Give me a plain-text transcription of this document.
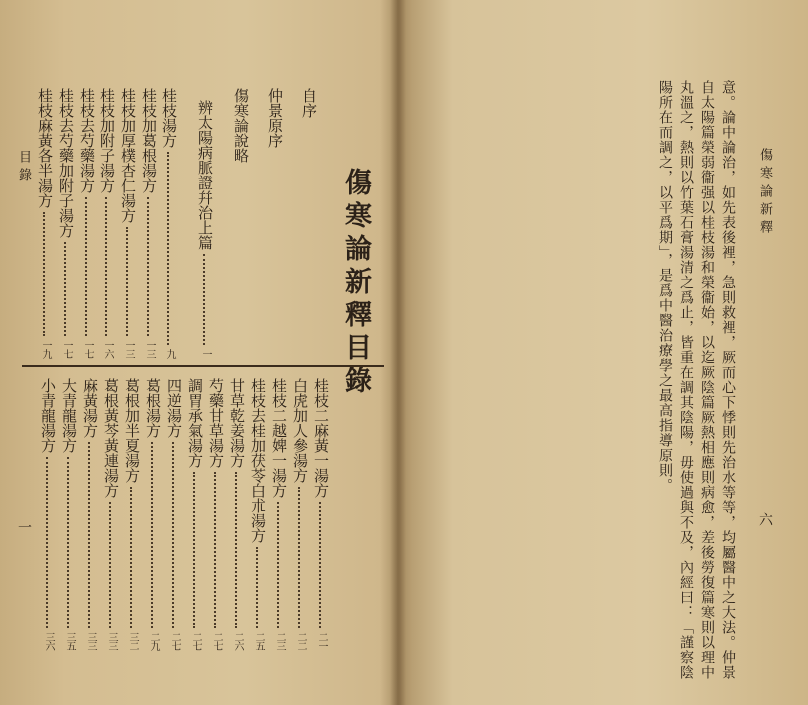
目錄
一
傷寒論新釋目錄
自序
仲景原序
傷寒論說略
辨太陽病脈證幷治上篇
一
桂枝湯方
九
桂枝加葛根湯方
一三
桂枝加厚樸杏仁湯方
一三
桂枝加附子湯方
一六
桂枝去芍藥湯方
一七
桂枝去芍藥加附子湯方
一七
桂枝麻黃各半湯方
一九
桂枝二麻黃一湯方
二一
白虎加人參湯方
二二
桂枝二越婢一湯方
二三
桂枝去桂加茯苓白朮湯方
二五
甘草乾姜湯方
二六
芍藥甘草湯方
二七
調胃承氣湯方
二七
四逆湯方
二七
葛根湯方
二九
葛根加半夏湯方
三二
葛根黃芩黃連湯方
三三
麻黃湯方
三三
大青龍湯方
三五
小青龍湯方
三六
傷寒論新釋
六
意。論中論治，如先表後裡，急則救裡，厥而心下悸則先治水等等，均屬醫中之大法。仲景
自太陽篇榮弱衞强以桂枝湯和榮衞始，以迄厥陰篇厥熱相應則病愈，差後勞復篇寒則以理中
丸溫之，熱則以竹葉石膏湯清之爲止，皆重在調其陰陽，毋使過與不及，內經曰：「謹察陰
陽所在而調之，以平爲期」，是爲中醫治療學之最高指導原則。
